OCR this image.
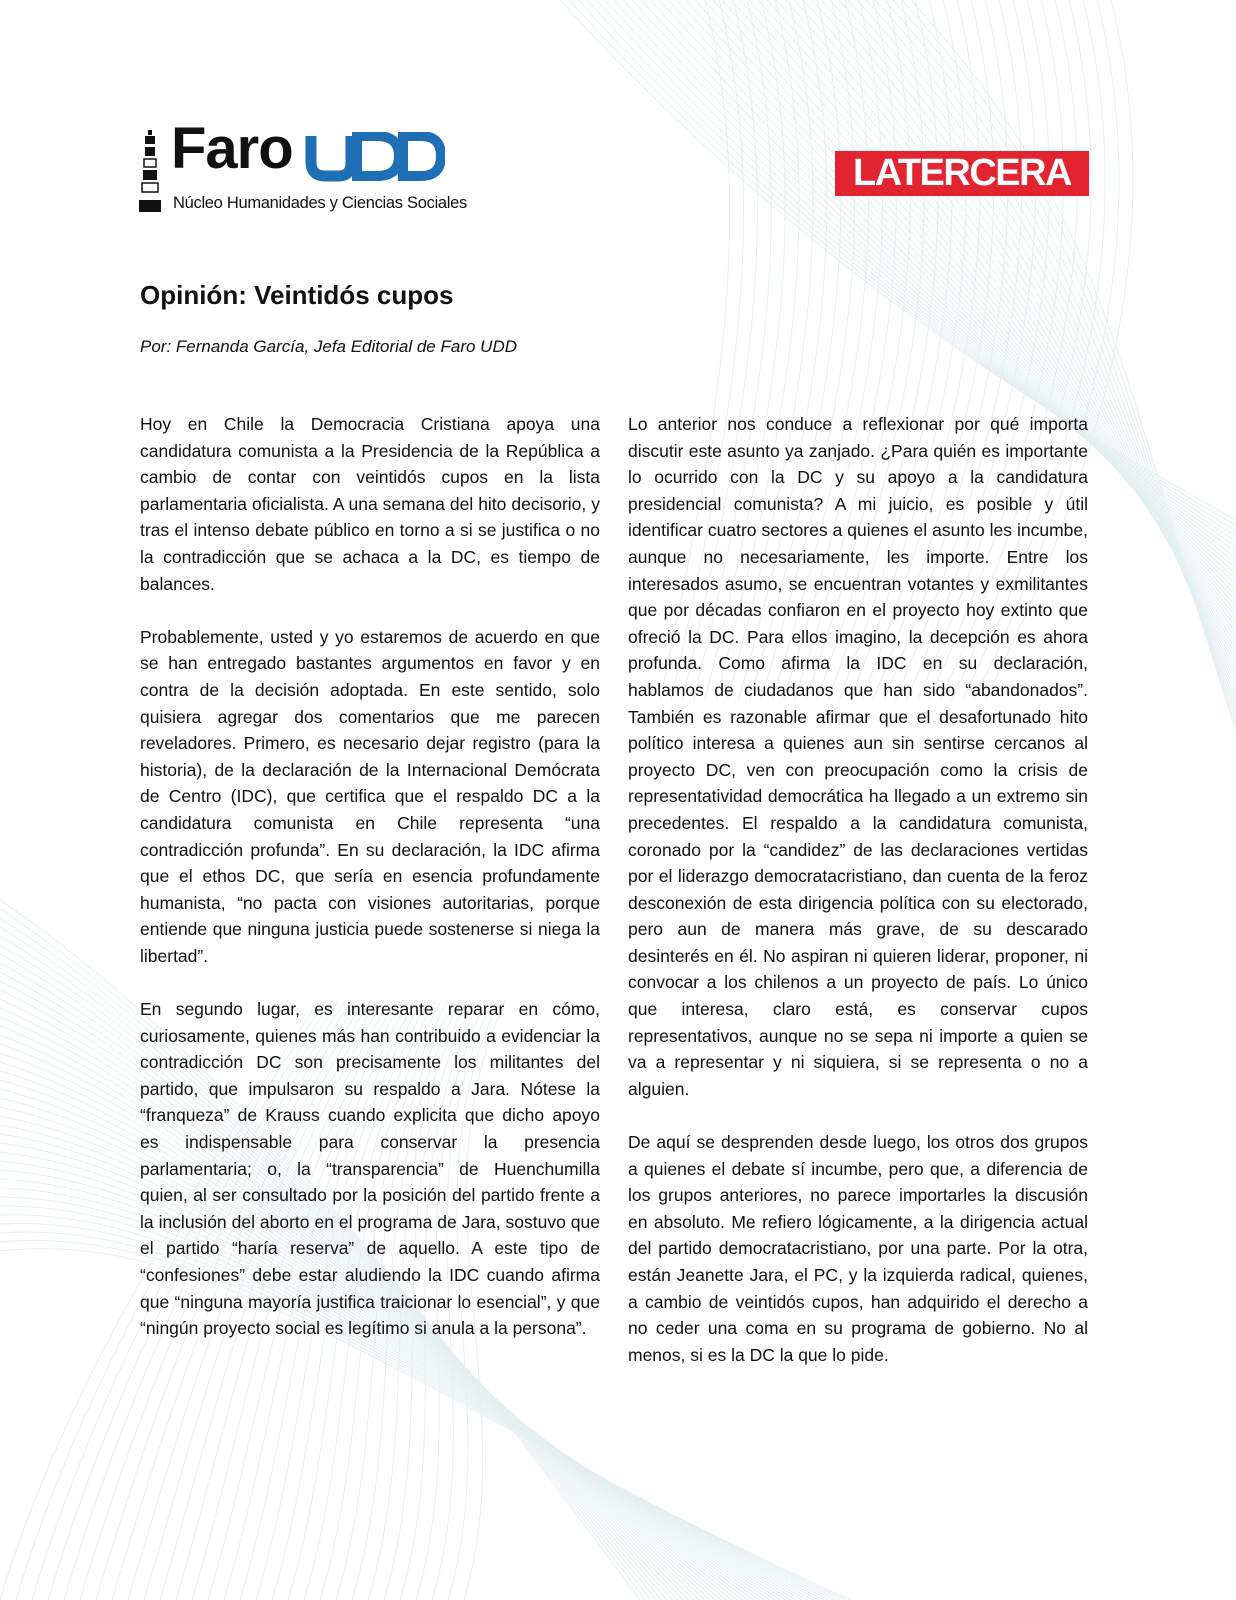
Faro
Núcleo Humanidades y Ciencias Sociales
LATERCERA
Opinión: Veintidós cupos

Por: Fernanda García, Jefa Editorial de Faro UDD

Hoy en Chile la Democracia Cristiana apoya una candidatura comunista a la Presidencia de la República a cambio de contar con veintidós cupos en la lista parlamentaria oficialista. A una semana del hito decisorio, y tras el intenso debate público en torno a si se justifica o no la contradicción que se achaca a la DC, es tiempo de balances.

Probablemente, usted y yo estaremos de acuerdo en que se han entregado bastantes argumentos en favor y en contra de la decisión adoptada. En este sentido, solo quisiera agregar dos comentarios que me parecen reveladores. Primero, es necesario dejar registro (para la historia), de la declaración de la Internacional Demócrata de Centro (IDC), que certifica que el respaldo DC a la candidatura comunista en Chile representa “una contradicción profunda”. En su declaración, la IDC afirma que el ethos DC, que sería en esencia profundamente humanista, “no pacta con visiones autoritarias, porque entiende que ninguna justicia puede sostenerse si niega la libertad”.

En segundo lugar, es interesante reparar en cómo, curiosamente, quienes más han contribuido a evidenciar la contradicción DC son precisamente los militantes del partido, que impulsaron su respaldo a Jara. Nótese la “franqueza” de Krauss cuando explicita que dicho apoyo es indispensable para conservar la presencia parlamentaria; o, la “transparencia” de Huenchumilla quien, al ser consultado por la posición del partido frente a la inclusión del aborto en el programa de Jara, sostuvo que el partido “haría reserva” de aquello. A este tipo de “confesiones” debe estar aludiendo la IDC cuando afirma que “ninguna mayoría justifica traicionar lo esencial”, y que “ningún proyecto social es legítimo si anula a la persona”.

Lo anterior nos conduce a reflexionar por qué importa discutir este asunto ya zanjado. ¿Para quién es importante lo ocurrido con la DC y su apoyo a la candidatura presidencial comunista? A mi juicio, es posible y útil identificar cuatro sectores a quienes el asunto les incumbe, aunque no necesariamente, les importe. Entre los interesados asumo, se encuentran votantes y exmilitantes que por décadas confiaron en el proyecto hoy extinto que ofreció la DC. Para ellos imagino, la decepción es ahora profunda. Como afirma la IDC en su declaración, hablamos de ciudadanos que han sido “abandonados”. También es razonable afirmar que el desafortunado hito político interesa a quienes aun sin sentirse cercanos al proyecto DC, ven con preocupación como la crisis de representatividad democrática ha llegado a un extremo sin precedentes. El respaldo a la candidatura comunista, coronado por la “candidez” de las declaraciones vertidas por el liderazgo democratacristiano, dan cuenta de la feroz desconexión de esta dirigencia política con su electorado, pero aun de manera más grave, de su descarado desinterés en él. No aspiran ni quieren liderar, proponer, ni convocar a los chilenos a un proyecto de país. Lo único que interesa, claro está, es conservar cupos representativos, aunque no se sepa ni importe a quien se va a representar y ni siquiera, si se representa o no a alguien.

De aquí se desprenden desde luego, los otros dos grupos a quienes el debate sí incumbe, pero que, a diferencia de los grupos anteriores, no parece importarles la discusión en absoluto. Me refiero lógicamente, a la dirigencia actual del partido democratacristiano, por una parte. Por la otra, están Jeanette Jara, el PC, y la izquierda radical, quienes, a cambio de veintidós cupos, han adquirido el derecho a no ceder una coma en su programa de gobierno. No al menos, si es la DC la que lo pide.
